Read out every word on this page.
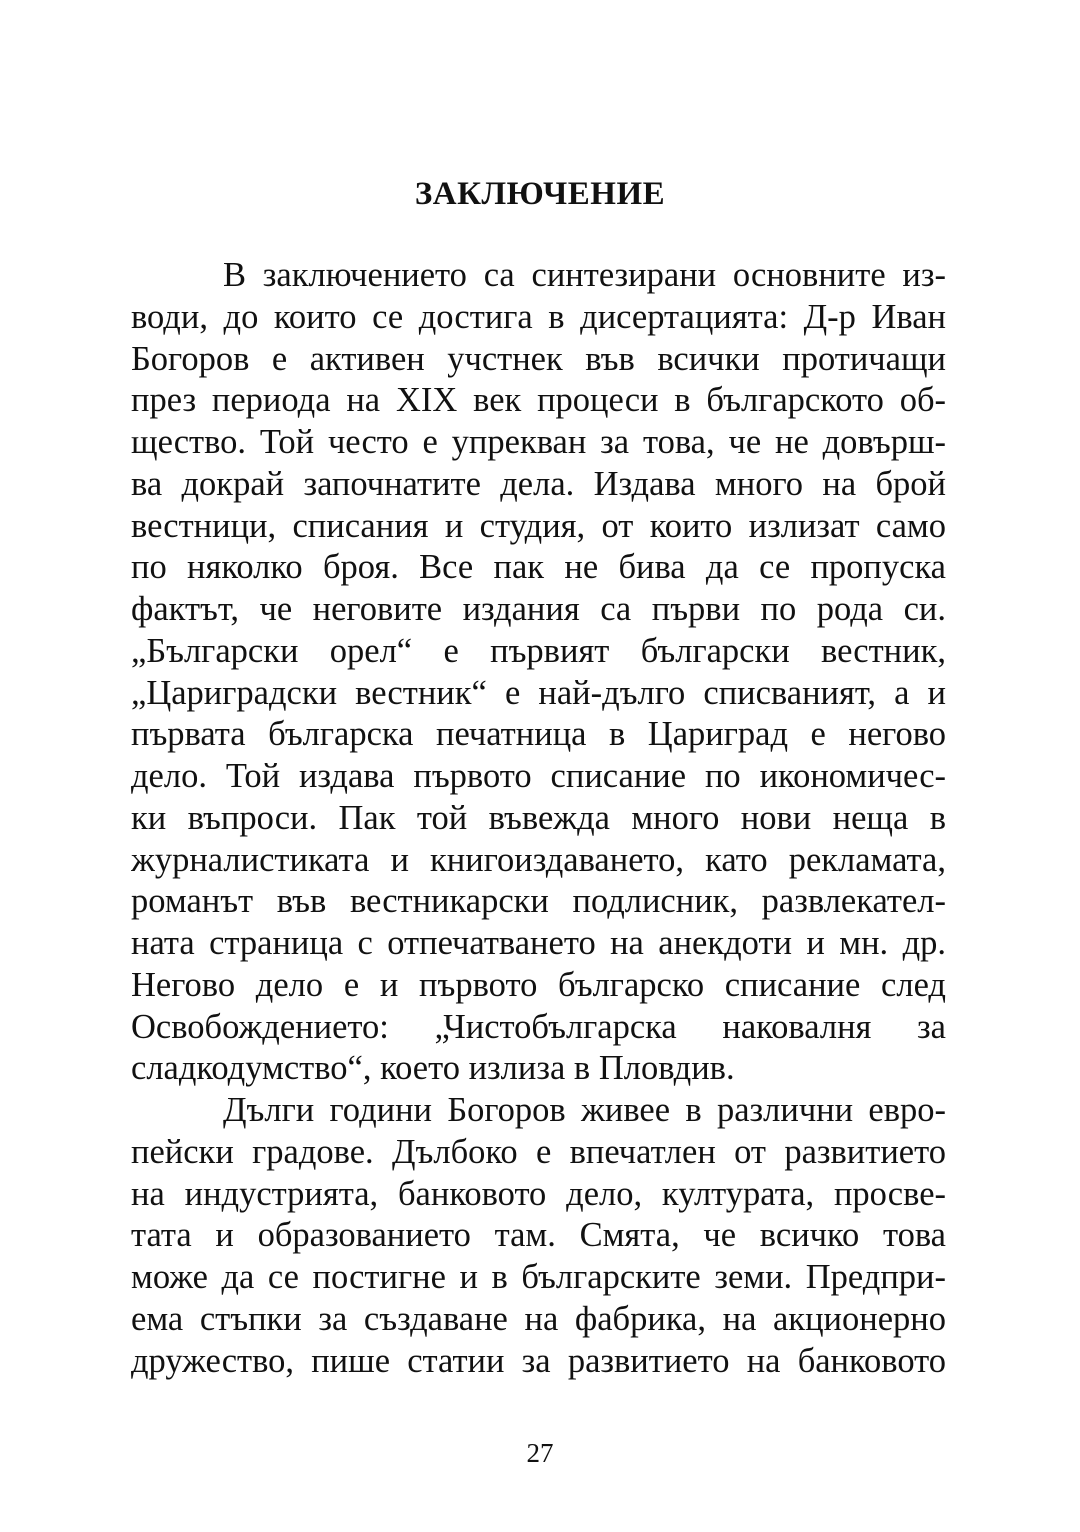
ЗАКЛЮЧЕНИЕ
В заключението са синтезирани основните из-
води, до които се достига в дисертацията: Д-р Иван
Богоров е активен учстнек във всички протичащи
през периода на XIX век процеси в българското об-
щество. Той често е упрекван за това, че не довърш-
ва докрай започнатите дела. Издава много на брой
вестници, списания и студия, от които излизат само
по няколко броя. Все пак не бива да се пропуска
фактът, че неговите издания са първи по рода си.
„Български орел“ е първият български вестник,
„Цариградски вестник“ е най-дълго списваният, а и
първата българска печатница в Цариград е негово
дело. Той издава първото списание по икономичес-
ки въпроси. Пак той въвежда много нови неща в
журналистиката и книгоиздаването, като рекламата,
романът във вестникарски подлисник, развлекател-
ната страница с отпечатването на анекдоти и мн. др.
Негово дело е и първото българско списание след
Освобождението: „Чистобългарска наковалня за
сладкодумство“, което излиза в Пловдив.
Дълги години Богоров живее в различни евро-
пейски градове. Дълбоко е впечатлен от развитието
на индустрията, банковото дело, културата, просве-
тата и образованието там. Смята, че всичко това
може да се постигне и в българските земи. Предпри-
ема стъпки за създаване на фабрика, на акционерно
дружество, пише статии за развитието на банковото
27
